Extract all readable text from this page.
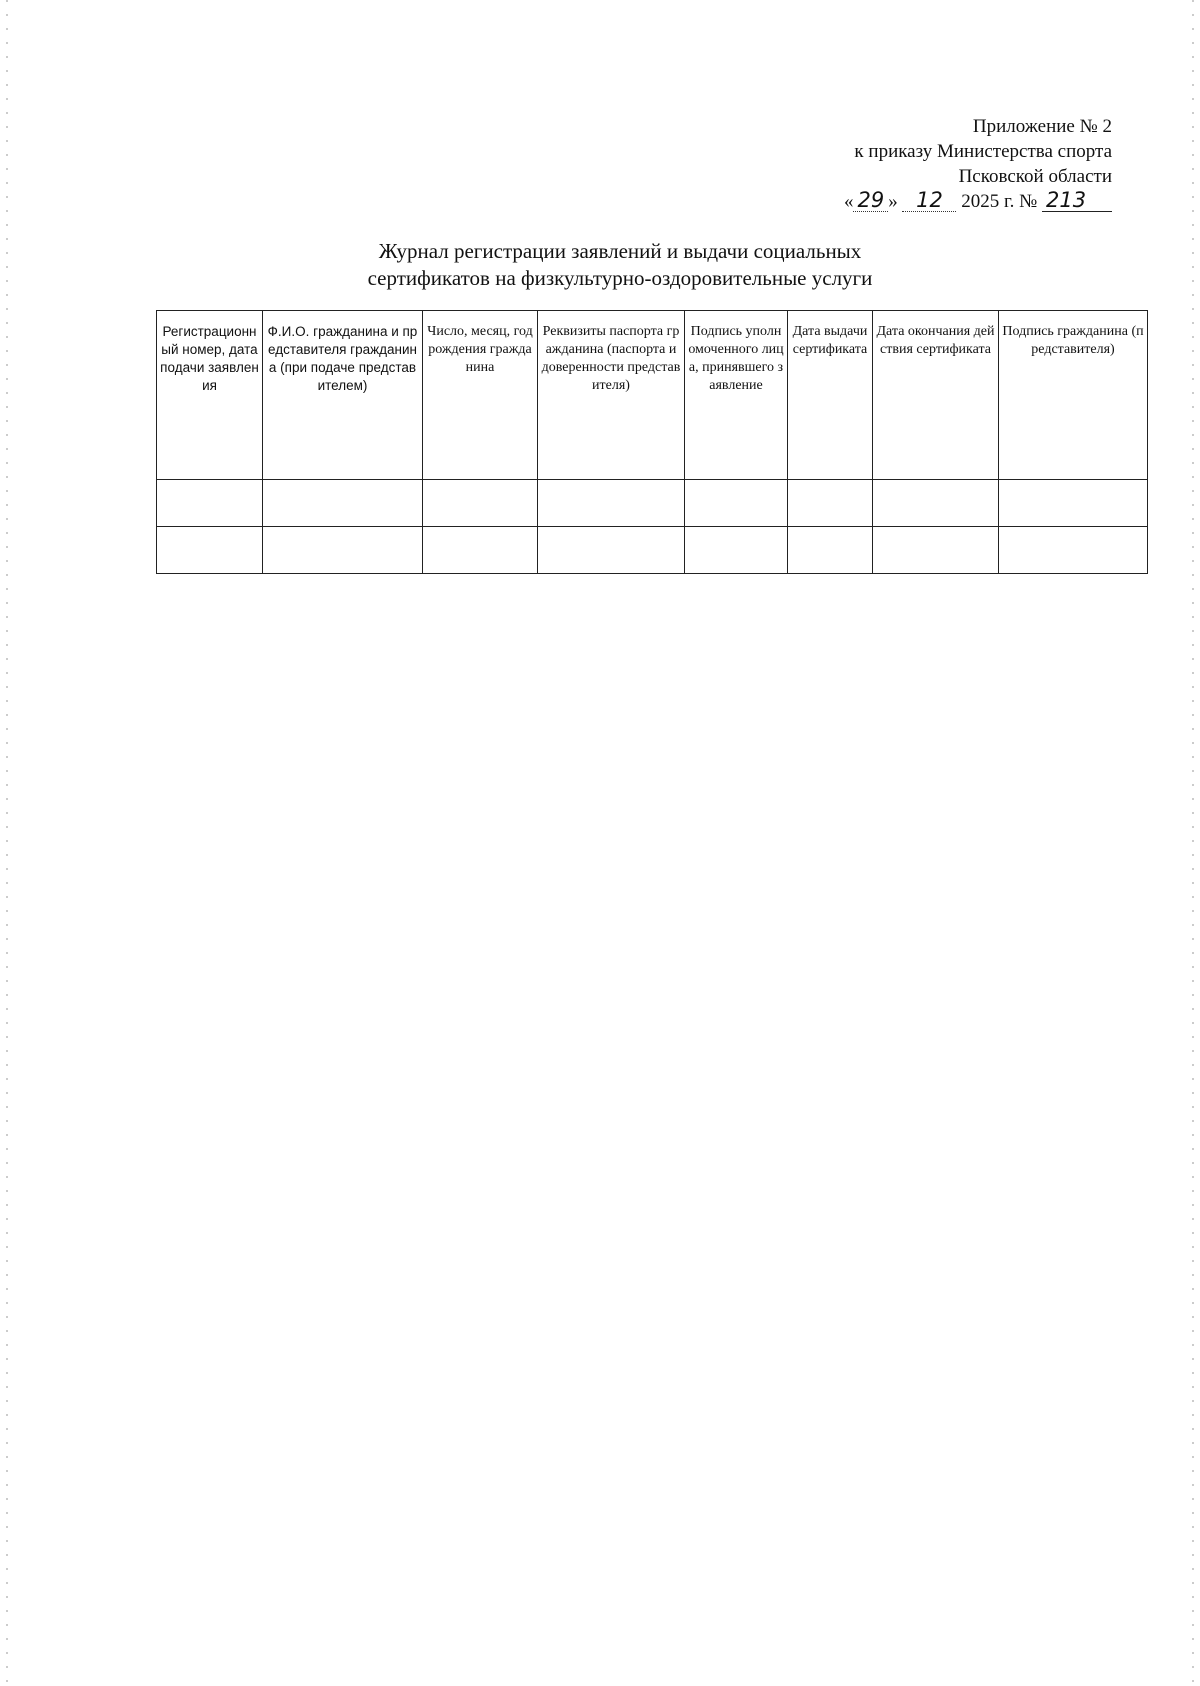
Приложение № 2
к приказу Министерства спорта
Псковской области
« 29 » 12 2025 г. № 213
Журнал регистрации заявлений и выдачи социальных
сертификатов на физкультурно-оздоровительные услуги
Регистрационный номер, дата подачи заявления	Ф.И.О. гражданина и представителя гражданина (при подаче представителем)	Число, месяц, год рождения гражданина	Реквизиты паспорта гражданина (паспорта и доверенности представителя)	Подпись уполномоченного лица, принявшего заявление	Дата выдачи сертификата	Дата окончания действия сертификата	Подпись гражданина (представителя)
